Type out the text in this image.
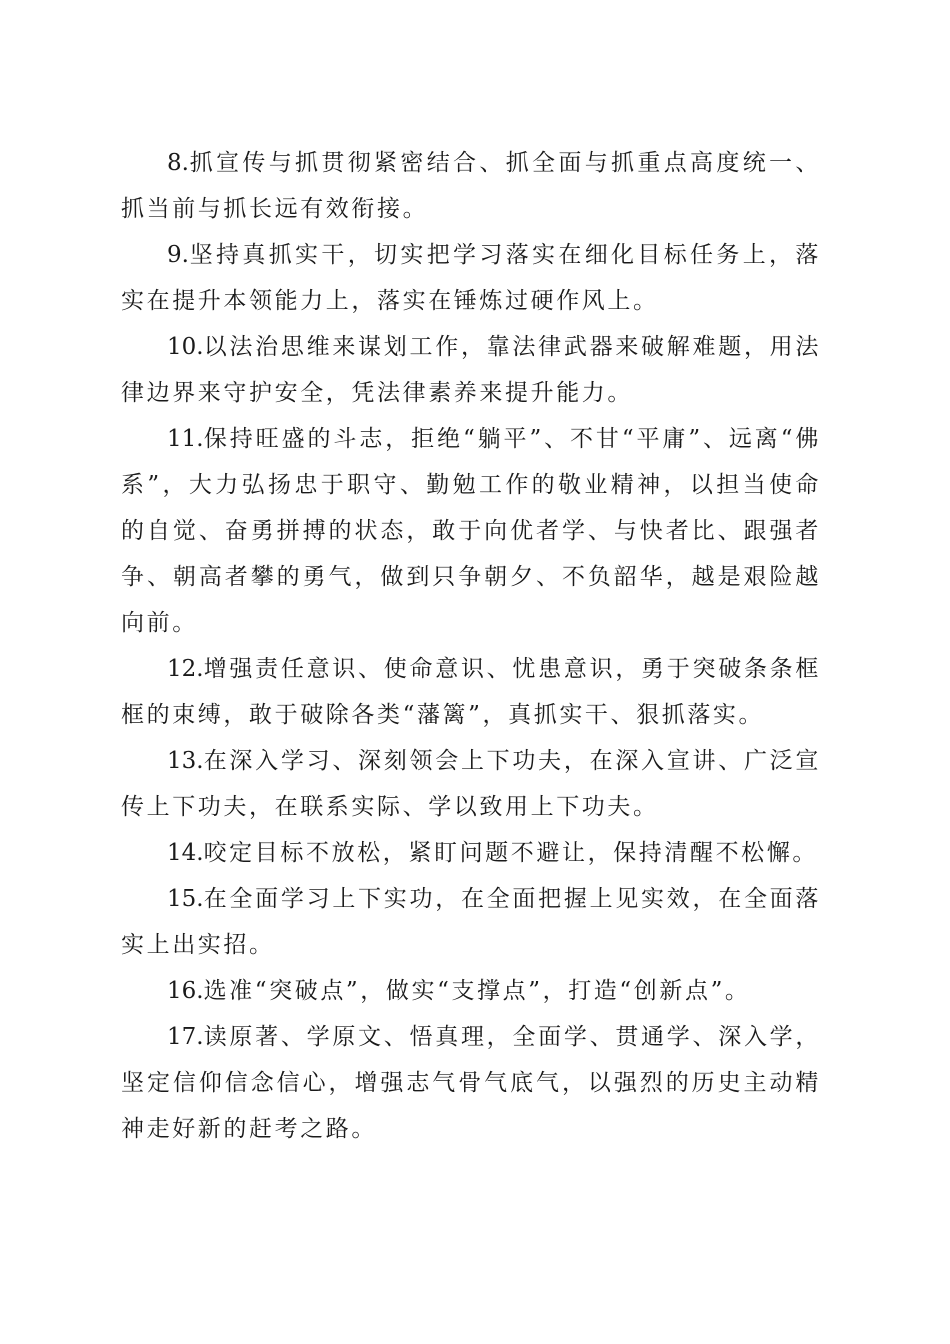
8.抓宣传与抓贯彻紧密结合、抓全面与抓重点高度统一、抓当前与抓长远有效衔接。

9.坚持真抓实干，切实把学习落实在细化目标任务上，落实在提升本领能力上，落实在锤炼过硬作风上。

10.以法治思维来谋划工作，靠法律武器来破解难题，用法律边界来守护安全，凭法律素养来提升能力。

11.保持旺盛的斗志，拒绝“躺平”、不甘“平庸”、远离“佛系”，大力弘扬忠于职守、勤勉工作的敬业精神，以担当使命的自觉、奋勇拼搏的状态，敢于向优者学、与快者比、跟强者争、朝高者攀的勇气，做到只争朝夕、不负韶华，越是艰险越向前。

12.增强责任意识、使命意识、忧患意识，勇于突破条条框框的束缚，敢于破除各类“藩篱”，真抓实干、狠抓落实。

13.在深入学习、深刻领会上下功夫，在深入宣讲、广泛宣传上下功夫，在联系实际、学以致用上下功夫。

14.咬定目标不放松，紧盯问题不避让，保持清醒不松懈。

15.在全面学习上下实功，在全面把握上见实效，在全面落实上出实招。

16.选准“突破点”，做实“支撑点”，打造“创新点”。

17.读原著、学原文、悟真理，全面学、贯通学、深入学，坚定信仰信念信心，增强志气骨气底气，以强烈的历史主动精神走好新的赶考之路。
